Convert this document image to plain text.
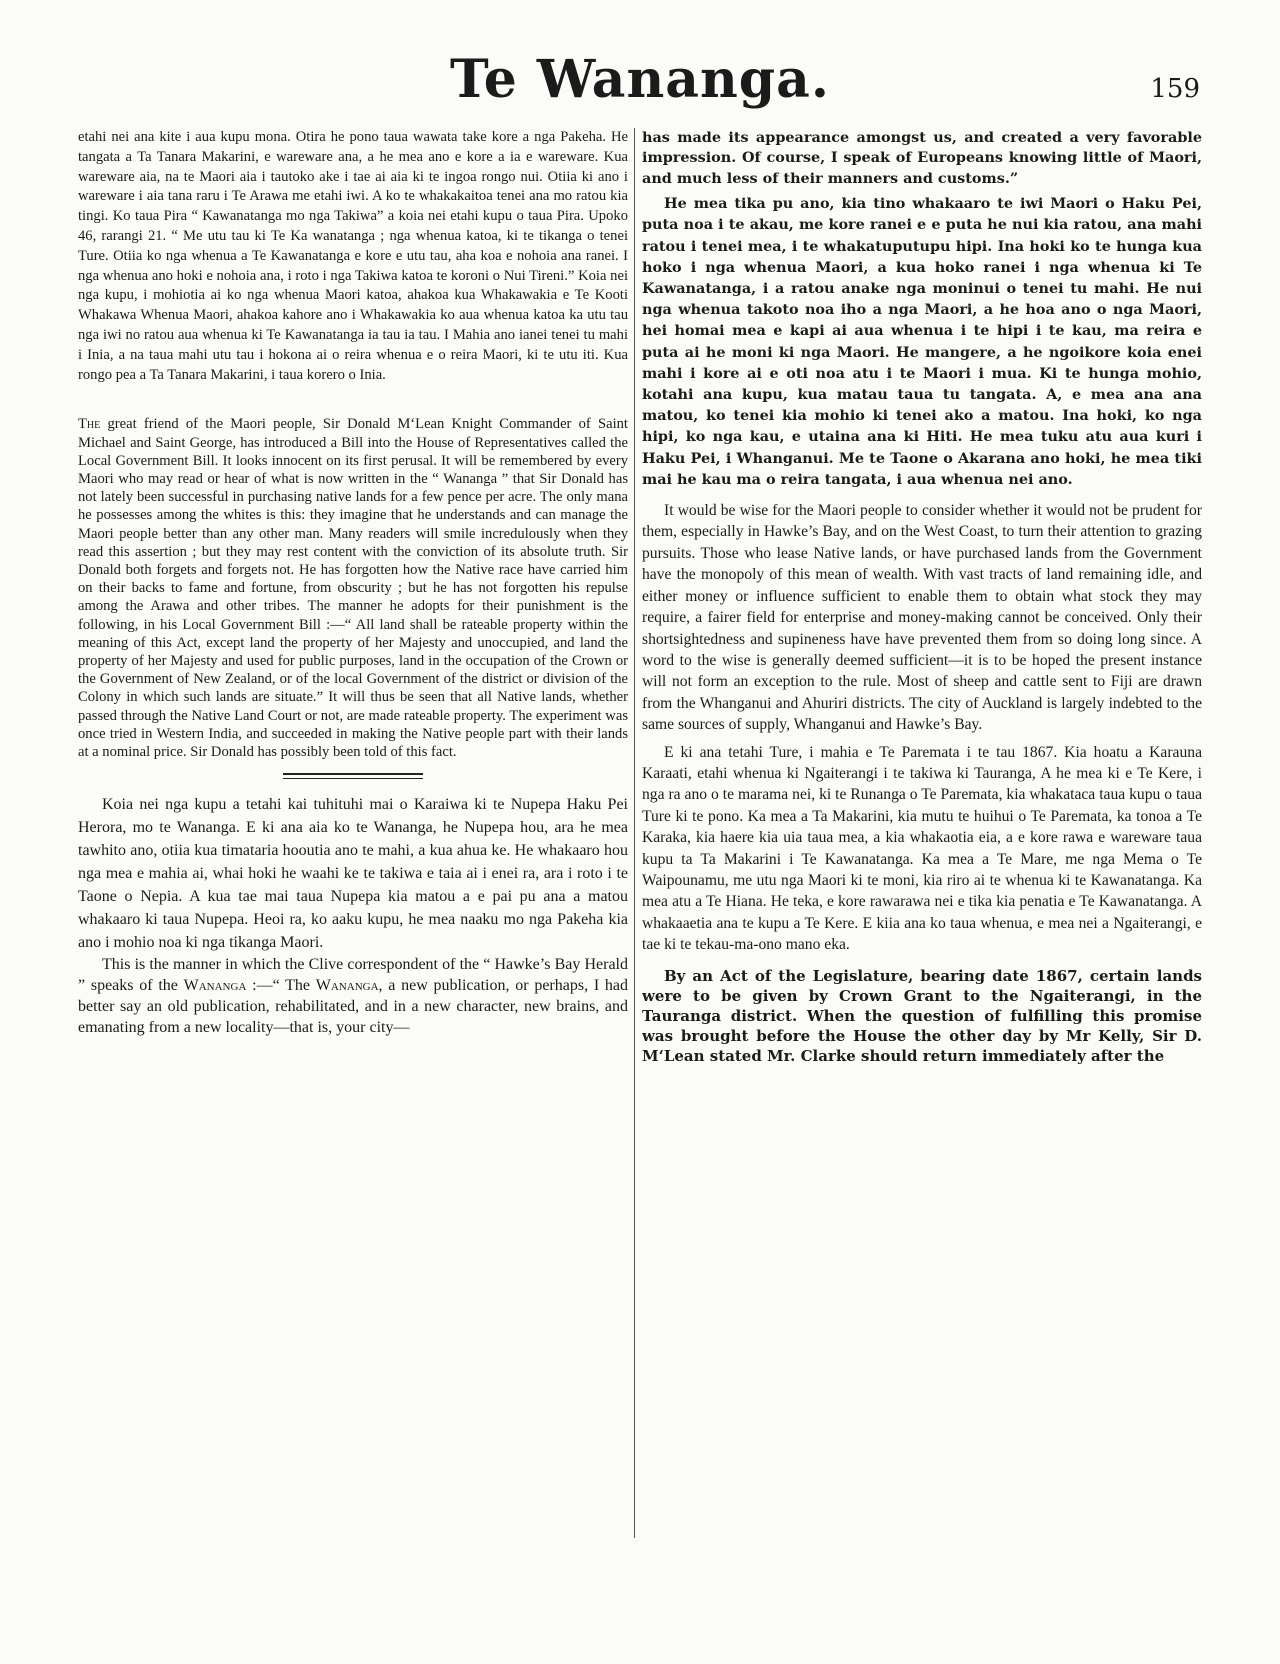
Te Wananga.	159

etahi nei ana kite i aua kupu mona. Otira he pono taua wawata take kore a nga Pakeha. He tangata a Ta Tanara Makarini, e wareware ana, a he mea ano e kore a ia e wareware. Kua wareware aia, na te Maori aia i tautoko ake i tae ai aia ki te ingoa rongo nui. Otiia ki ano i wareware i aia tana raru i Te Arawa me etahi iwi. A ko te whakakaitoa tenei ana mo ratou kia tingi. Ko taua Pira “ Kawanatanga mo nga Takiwa” a koia nei etahi kupu o taua Pira. Upoko 46, rarangi 21. “ Me utu tau ki Te Ka wanatanga ; nga whenua katoa, ki te tikanga o tenei Ture. Otiia ko nga whenua a Te Kawanatanga e kore e utu tau, aha koa e nohoia ana ranei. I nga whenua ano hoki e nohoia ana, i roto i nga Takiwa katoa te koroni o Nui Tireni.” Koia nei nga kupu, i mohiotia ai ko nga whenua Maori katoa, ahakoa kua Whakawakia e Te Kooti Whakawa Whenua Maori, ahakoa kahore ano i Whakawakia ko aua whenua katoa ka utu tau nga iwi no ratou aua whenua ki Te Kawanatanga ia tau ia tau. I Mahia ano ianei tenei tu mahi i Inia, a na taua mahi utu tau i hokona ai o reira whenua e o reira Maori, ki te utu iti. Kua rongo pea a Ta Tanara Makarini, i taua korero o Inia.

The great friend of the Maori people, Sir Donald M‘Lean Knight Commander of Saint Michael and Saint George, has introduced a Bill into the House of Representatives called the Local Government Bill. It looks innocent on its first perusal. It will be remembered by every Maori who may read or hear of what is now written in the “ Wananga ” that Sir Donald has not lately been successful in purchasing native lands for a few pence per acre. The only mana he possesses among the whites is this: they imagine that he understands and can manage the Maori people better than any other man. Many readers will smile incredulously when they read this assertion ; but they may rest content with the conviction of its absolute truth. Sir Donald both forgets and forgets not. He has forgotten how the Native race have carried him on their backs to fame and fortune, from obscurity ; but he has not forgotten his repulse among the Arawa and other tribes. The manner he adopts for their punishment is the following, in his Local Government Bill :—“ All land shall be rateable property within the meaning of this Act, except land the property of her Majesty and unoccupied, and land the property of her Majesty and used for public purposes, land in the occupation of the Crown or the Government of New Zealand, or of the local Government of the district or division of the Colony in which such lands are situate.” It will thus be seen that all Native lands, whether passed through the Native Land Court or not, are made rateable property. The experiment was once tried in Western India, and succeeded in making the Native people part with their lands at a nominal price. Sir Donald has possibly been told of this fact.

Koia nei nga kupu a tetahi kai tuhituhi mai o Karaiwa ki te Nupepa Haku Pei Herora, mo te Wananga. E ki ana aia ko te Wananga, he Nupepa hou, ara he mea tawhito ano, otiia kua timataria hooutia ano te mahi, a kua ahua ke. He whakaaro hou nga mea e mahia ai, whai hoki he waahi ke te takiwa e taia ai i enei ra, ara i roto i te Taone o Nepia. A kua tae mai taua Nupepa kia matou a e pai pu ana a matou whakaaro ki taua Nupepa. Heoi ra, ko aaku kupu, he mea naaku mo nga Pakeha kia ano i mohio noa ki nga tikanga Maori.

This is the manner in which the Clive correspondent of the “ Hawke’s Bay Herald ” speaks of the Wananga :—“ The Wananga, a new publication, or perhaps, I had better say an old publication, rehabilitated, and in a new character, new brains, and emanating from a new locality—that is, your city—

has made its appearance amongst us, and created a very favorable impression. Of course, I speak of Europeans knowing little of Maori, and much less of their manners and customs.”

He mea tika pu ano, kia tino whakaaro te iwi Maori o Haku Pei, puta noa i te akau, me kore ranei e e puta he nui kia ratou, ana mahi ratou i tenei mea, i te whakatuputupu hipi. Ina hoki ko te hunga kua hoko i nga whenua Maori, a kua hoko ranei i nga whenua ki Te Kawanatanga, i a ratou anake nga moninui o tenei tu mahi. He nui nga whenua takoto noa iho a nga Maori, a he hoa ano o nga Maori, hei homai mea e kapi ai aua whenua i te hipi i te kau, ma reira e puta ai he moni ki nga Maori. He mangere, a he ngoikore koia enei mahi i kore ai e oti noa atu i te Maori i mua. Ki te hunga mohio, kotahi ana kupu, kua matau taua tu tangata. A, e mea ana ana matou, ko tenei kia mohio ki tenei ako a matou. Ina hoki, ko nga hipi, ko nga kau, e utaina ana ki Hiti. He mea tuku atu aua kuri i Haku Pei, i Whanganui. Me te Taone o Akarana ano hoki, he mea tiki mai he kau ma o reira tangata, i aua whenua nei ano.

It would be wise for the Maori people to consider whether it would not be prudent for them, especially in Hawke’s Bay, and on the West Coast, to turn their attention to grazing pursuits. Those who lease Native lands, or have purchased lands from the Government have the monopoly of this mean of wealth. With vast tracts of land remaining idle, and either money or influence sufficient to enable them to obtain what stock they may require, a fairer field for enterprise and money-making cannot be conceived. Only their shortsightedness and supineness have have prevented them from so doing long since. A word to the wise is generally deemed sufficient—it is to be hoped the present instance will not form an exception to the rule. Most of sheep and cattle sent to Fiji are drawn from the Whanganui and Ahuriri districts. The city of Auckland is largely indebted to the same sources of supply, Whanganui and Hawke’s Bay.

E ki ana tetahi Ture, i mahia e Te Paremata i te tau 1867. Kia hoatu a Karauna Karaati, etahi whenua ki Ngaiterangi i te takiwa ki Tauranga, A he mea ki e Te Kere, i nga ra ano o te marama nei, ki te Runanga o Te Paremata, kia whakataca taua kupu o taua Ture ki te pono. Ka mea a Ta Makarini, kia mutu te huihui o Te Paremata, ka tonoa a Te Karaka, kia haere kia uia taua mea, a kia whakaotia eia, a e kore rawa e wareware taua kupu ta Ta Makarini i Te Kawanatanga. Ka mea a Te Mare, me nga Mema o Te Waipounamu, me utu nga Maori ki te moni, kia riro ai te whenua ki te Kawanatanga. Ka mea atu a Te Hiana. He teka, e kore rawarawa nei e tika kia penatia e Te Kawanatanga. A whakaaetia ana te kupu a Te Kere. E kiia ana ko taua whenua, e mea nei a Ngaiterangi, e tae ki te tekau-ma-ono mano eka.

By an Act of the Legislature, bearing date 1867, certain lands were to be given by Crown Grant to the Ngaiterangi, in the Tauranga district. When the question of fulfilling this promise was brought before the House the other day by Mr Kelly, Sir D. M‘Lean stated Mr. Clarke should return immediately after the
